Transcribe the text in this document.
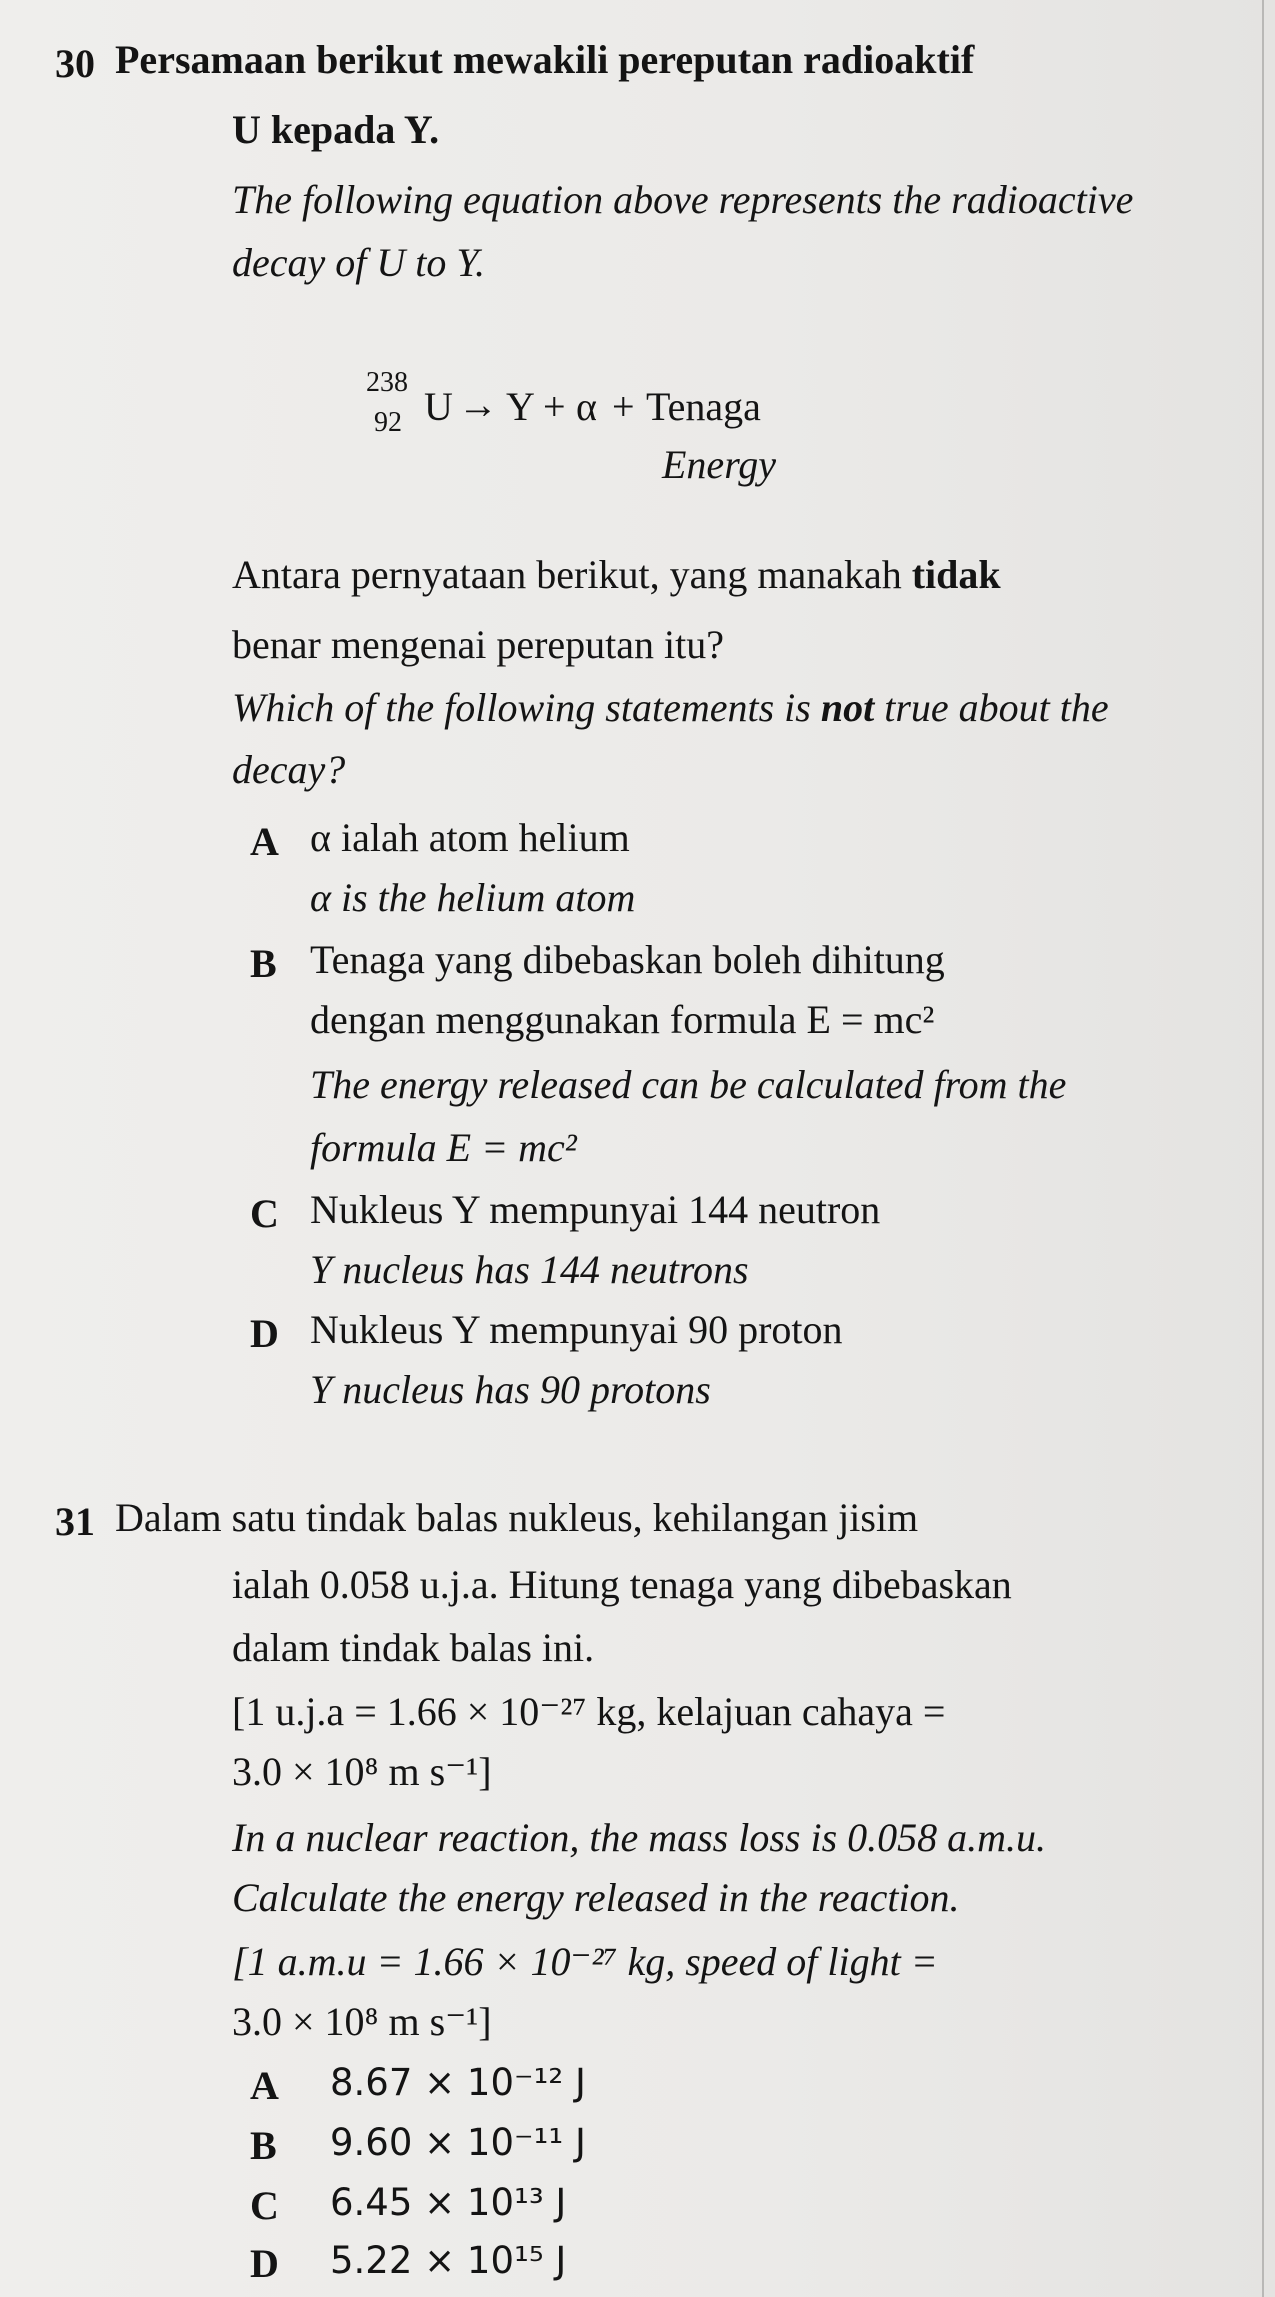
30 Persamaan berikut mewakili pereputan radioaktif
U kepada Y.
The following equation above represents the radioactive
decay of U to Y.
238
92 U → Y + α + Tenaga
Energy
Antara pernyataan berikut, yang manakah tidak
benar mengenai pereputan itu?
Which of the following statements is not true about the
decay?
A α ialah atom helium
α is the helium atom
B Tenaga yang dibebaskan boleh dihitung
dengan menggunakan formula E = mc²
The energy released can be calculated from the
formula E = mc²
C Nukleus Y mempunyai 144 neutron
Y nucleus has 144 neutrons
D Nukleus Y mempunyai 90 proton
Y nucleus has 90 protons
31 Dalam satu tindak balas nukleus, kehilangan jisim
ialah 0.058 u.j.a. Hitung tenaga yang dibebaskan
dalam tindak balas ini.
[1 u.j.a = 1.66 × 10⁻²⁷ kg, kelajuan cahaya =
3.0 × 10⁸ m s⁻¹]
In a nuclear reaction, the mass loss is 0.058 a.m.u.
Calculate the energy released in the reaction.
[1 a.m.u = 1.66 × 10⁻²⁷ kg, speed of light =
3.0 × 10⁸ m s⁻¹]
A 8.67 × 10⁻¹² J
B 9.60 × 10⁻¹¹ J
C 6.45 × 10¹³ J
D 5.22 × 10¹⁵ J
